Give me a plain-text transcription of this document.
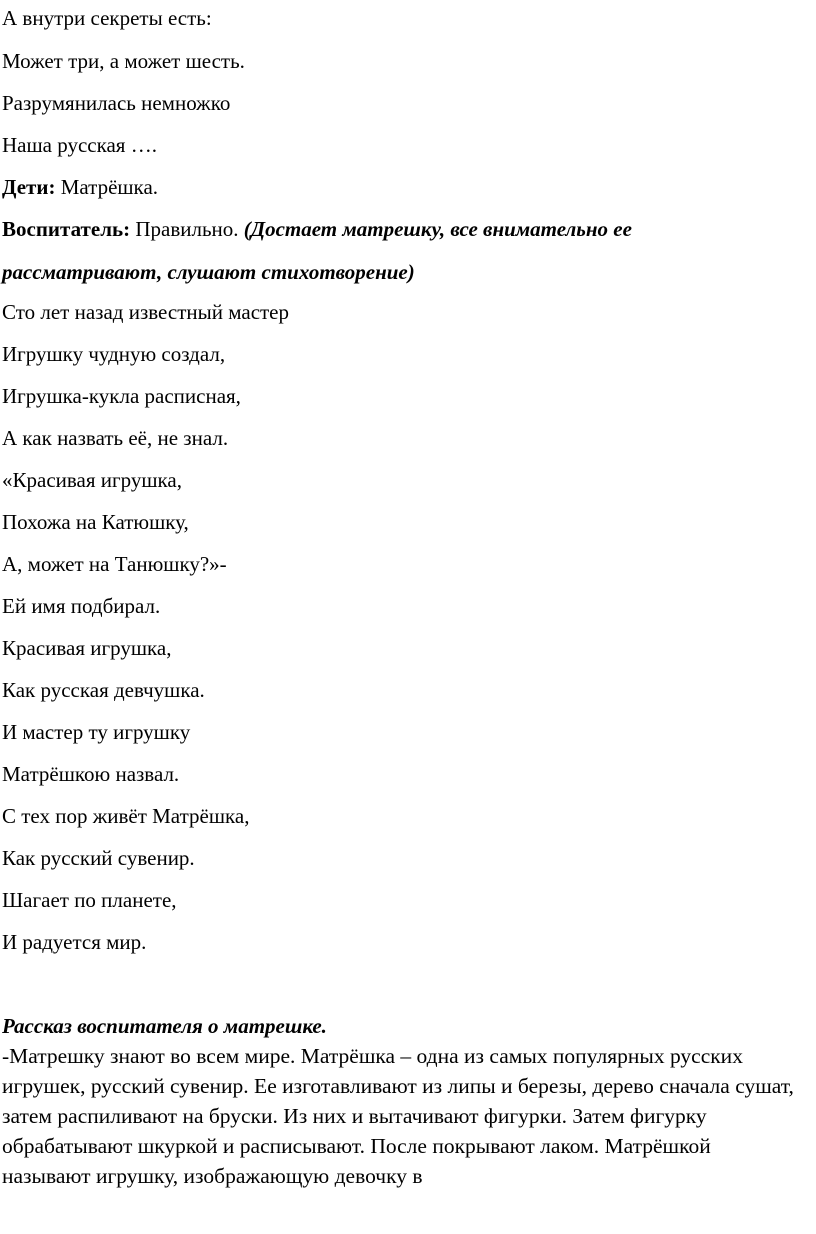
А внутри секреты есть:
Может три, а может шесть.
Разрумянилась немножко
Наша русская ….
Дети: Матрёшка.
Воспитатель: Правильно. (Достает матрешку, все внимательно ее
рассматривают, слушают стихотворение)
Сто лет назад известный мастер
Игрушку чудную создал,
Игрушка-кукла расписная,
А как назвать её, не знал.
«Красивая игрушка,
Похожа на Катюшку,
А, может на Танюшку?»-
Ей имя подбирал.
Красивая игрушка,
Как русская девчушка.
И мастер ту игрушку
Матрёшкою назвал.
С тех пор живёт Матрёшка,
Как русский сувенир.
Шагает по планете,
И радуется мир.
Рассказ воспитателя о матрешке.
-Матрешку знают во всем мире. Матрёшка – одна из самых популярных русских игрушек, русский сувенир. Ее изготавливают из липы и березы, дерево сначала сушат, затем распиливают на бруски. Из них и вытачивают фигурки. Затем фигурку обрабатывают шкуркой и расписывают. После покрывают лаком. Матрёшкой называют игрушку, изображающую девочку в
